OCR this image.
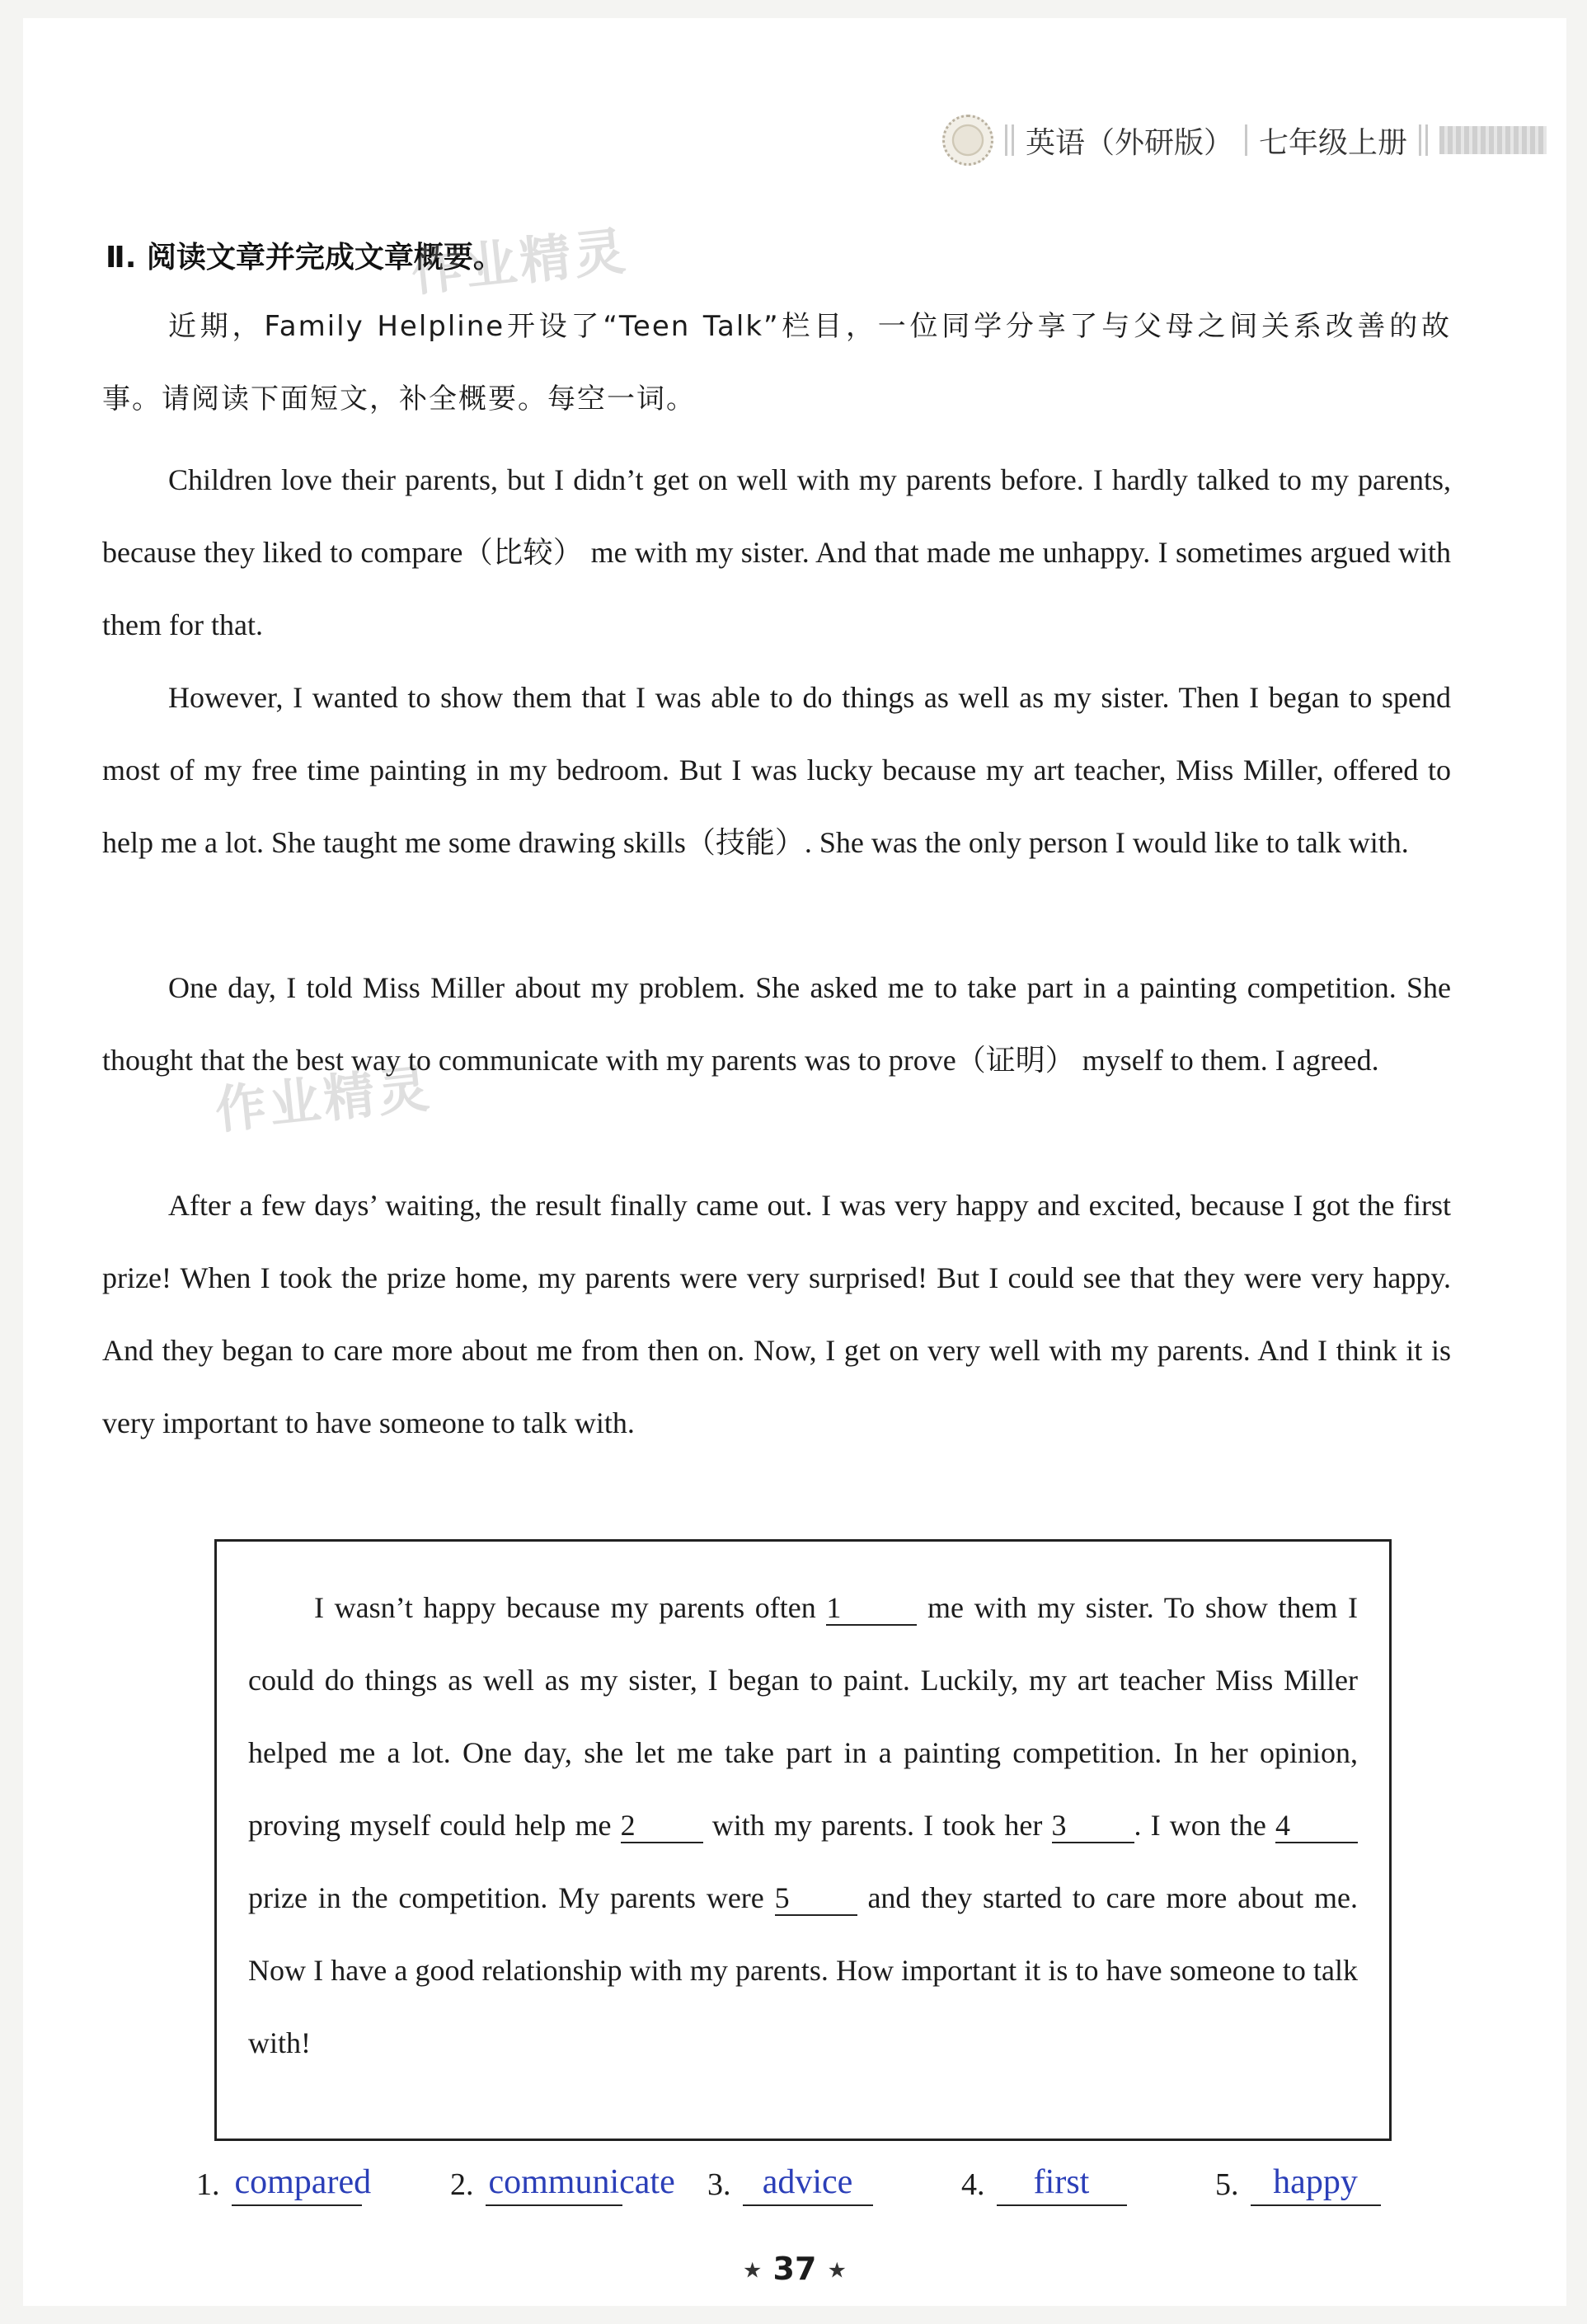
英语（外研版） 七年级上册
Ⅱ. 阅读文章并完成文章概要。
作业精灵
作业精灵

近期，Family Helpline开设了“Teen Talk”栏目，一位同学分享了与父母之间关系改善的故

事。请阅读下面短文，补全概要。每空一词。

Children love their parents, but I didn’t get on well with my parents before. I hardly talked to my parents, because they liked to compare（比较） me with my sister. And that made me unhappy. I sometimes argued with them for that.

However, I wanted to show them that I was able to do things as well as my sister. Then I began to spend most of my free time painting in my bedroom. But I was lucky because my art teacher, Miss Miller, offered to help me a lot. She taught me some drawing skills（技能）. She was the only person I would like to talk with.

One day, I told Miss Miller about my problem. She asked me to take part in a painting competition. She thought that the best way to communicate with my parents was to prove（证明） myself to them. I agreed.

After a few days’ waiting, the result finally came out. I was very happy and excited, because I got the first prize! When I took the prize home, my parents were very surprised! But I could see that they were very happy. And they began to care more about me from then on. Now, I get on very well with my parents. And I think it is very important to have someone to talk with.

I wasn’t happy because my parents often 1	me with my sister. To show them I could do things as well as my sister, I began to paint. Luckily, my art teacher Miss Miller helped me a lot. One day, she let me take part in a painting competition. In her opinion, proving myself could help me 2	with my parents. I took her 3 . I won the 4 prize in the competition. My parents were 5	and they started to care more about me. Now I have a good relationship with my parents. How important it is to have someone to talk with!

1. compared	2. communicate 3. advice	4.	first	5. happy
★ 37 ★
